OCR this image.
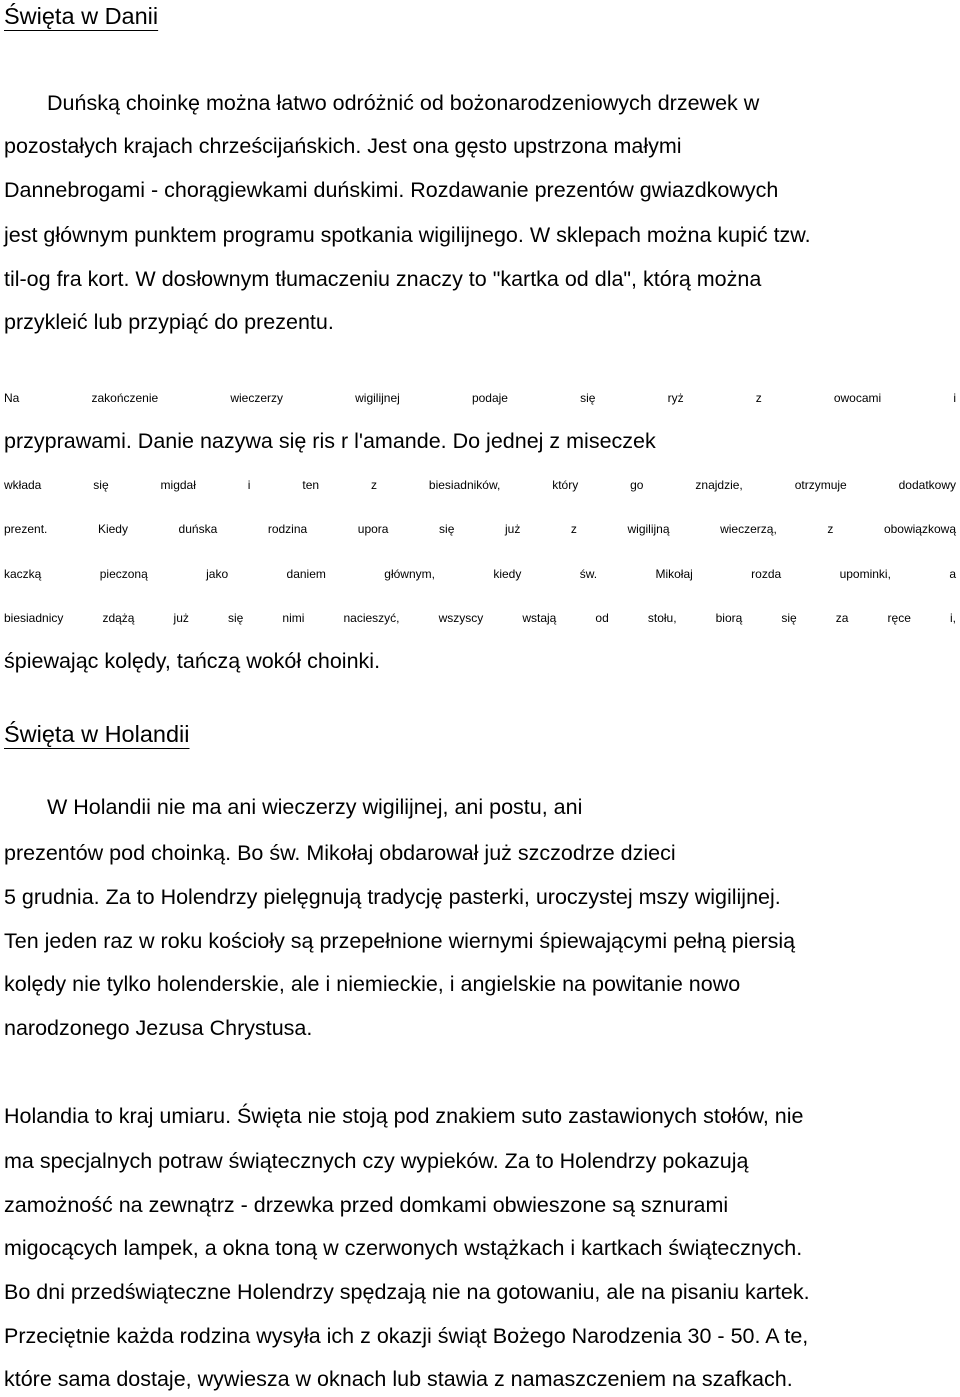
Święta w Danii

Duńską choinkę można łatwo odróżnić od bożonarodzeniowych drzewek w

pozostałych krajach chrześcijańskich. Jest ona gęsto upstrzona małymi

Dannebrogami - chorągiewkami duńskimi. Rozdawanie prezentów gwiazdkowych

jest głównym punktem programu spotkania wigilijnego. W sklepach można kupić tzw.

til-og fra kort. W dosłownym tłumaczeniu znaczy to "kartka od dla", którą można

przykleić lub przypiąć do prezentu.

Na zakończenie wieczerzy wigilijnej podaje się ryż z owocami i

przyprawami. Danie nazywa się ris r l'amande. Do jednej z miseczek

wkłada się migdał i ten z biesiadników, który go znajdzie, otrzymuje dodatkowy

prezent. Kiedy duńska rodzina upora się już z wigilijną wieczerzą, z obowiązkową

kaczką pieczoną jako daniem głównym, kiedy św. Mikołaj rozda upominki, a

biesiadnicy zdążą już się nimi nacieszyć, wszyscy wstają od stołu, biorą się za ręce i,

śpiewając kolędy, tańczą wokół choinki.

Święta w Holandii

W Holandii nie ma ani wieczerzy wigilijnej, ani postu, ani

prezentów pod choinką. Bo św. Mikołaj obdarował już szczodrze dzieci

5 grudnia. Za to Holendrzy pielęgnują tradycję pasterki, uroczystej mszy wigilijnej.

Ten jeden raz w roku kościoły są przepełnione wiernymi śpiewającymi pełną piersią

kolędy nie tylko holenderskie, ale i niemieckie, i angielskie na powitanie nowo

narodzonego Jezusa Chrystusa.

Holandia to kraj umiaru. Święta nie stoją pod znakiem suto zastawionych stołów, nie

ma specjalnych potraw świątecznych czy wypieków. Za to Holendrzy pokazują

zamożność na zewnątrz - drzewka przed domkami obwieszone są sznurami

migocących lampek, a okna toną w czerwonych wstążkach i kartkach świątecznych.

Bo dni przedświąteczne Holendrzy spędzają nie na gotowaniu, ale na pisaniu kartek.

Przeciętnie każda rodzina wysyła ich z okazji świąt Bożego Narodzenia 30 - 50. A te,

które sama dostaje, wywiesza w oknach lub stawia z namaszczeniem na szafkach.
